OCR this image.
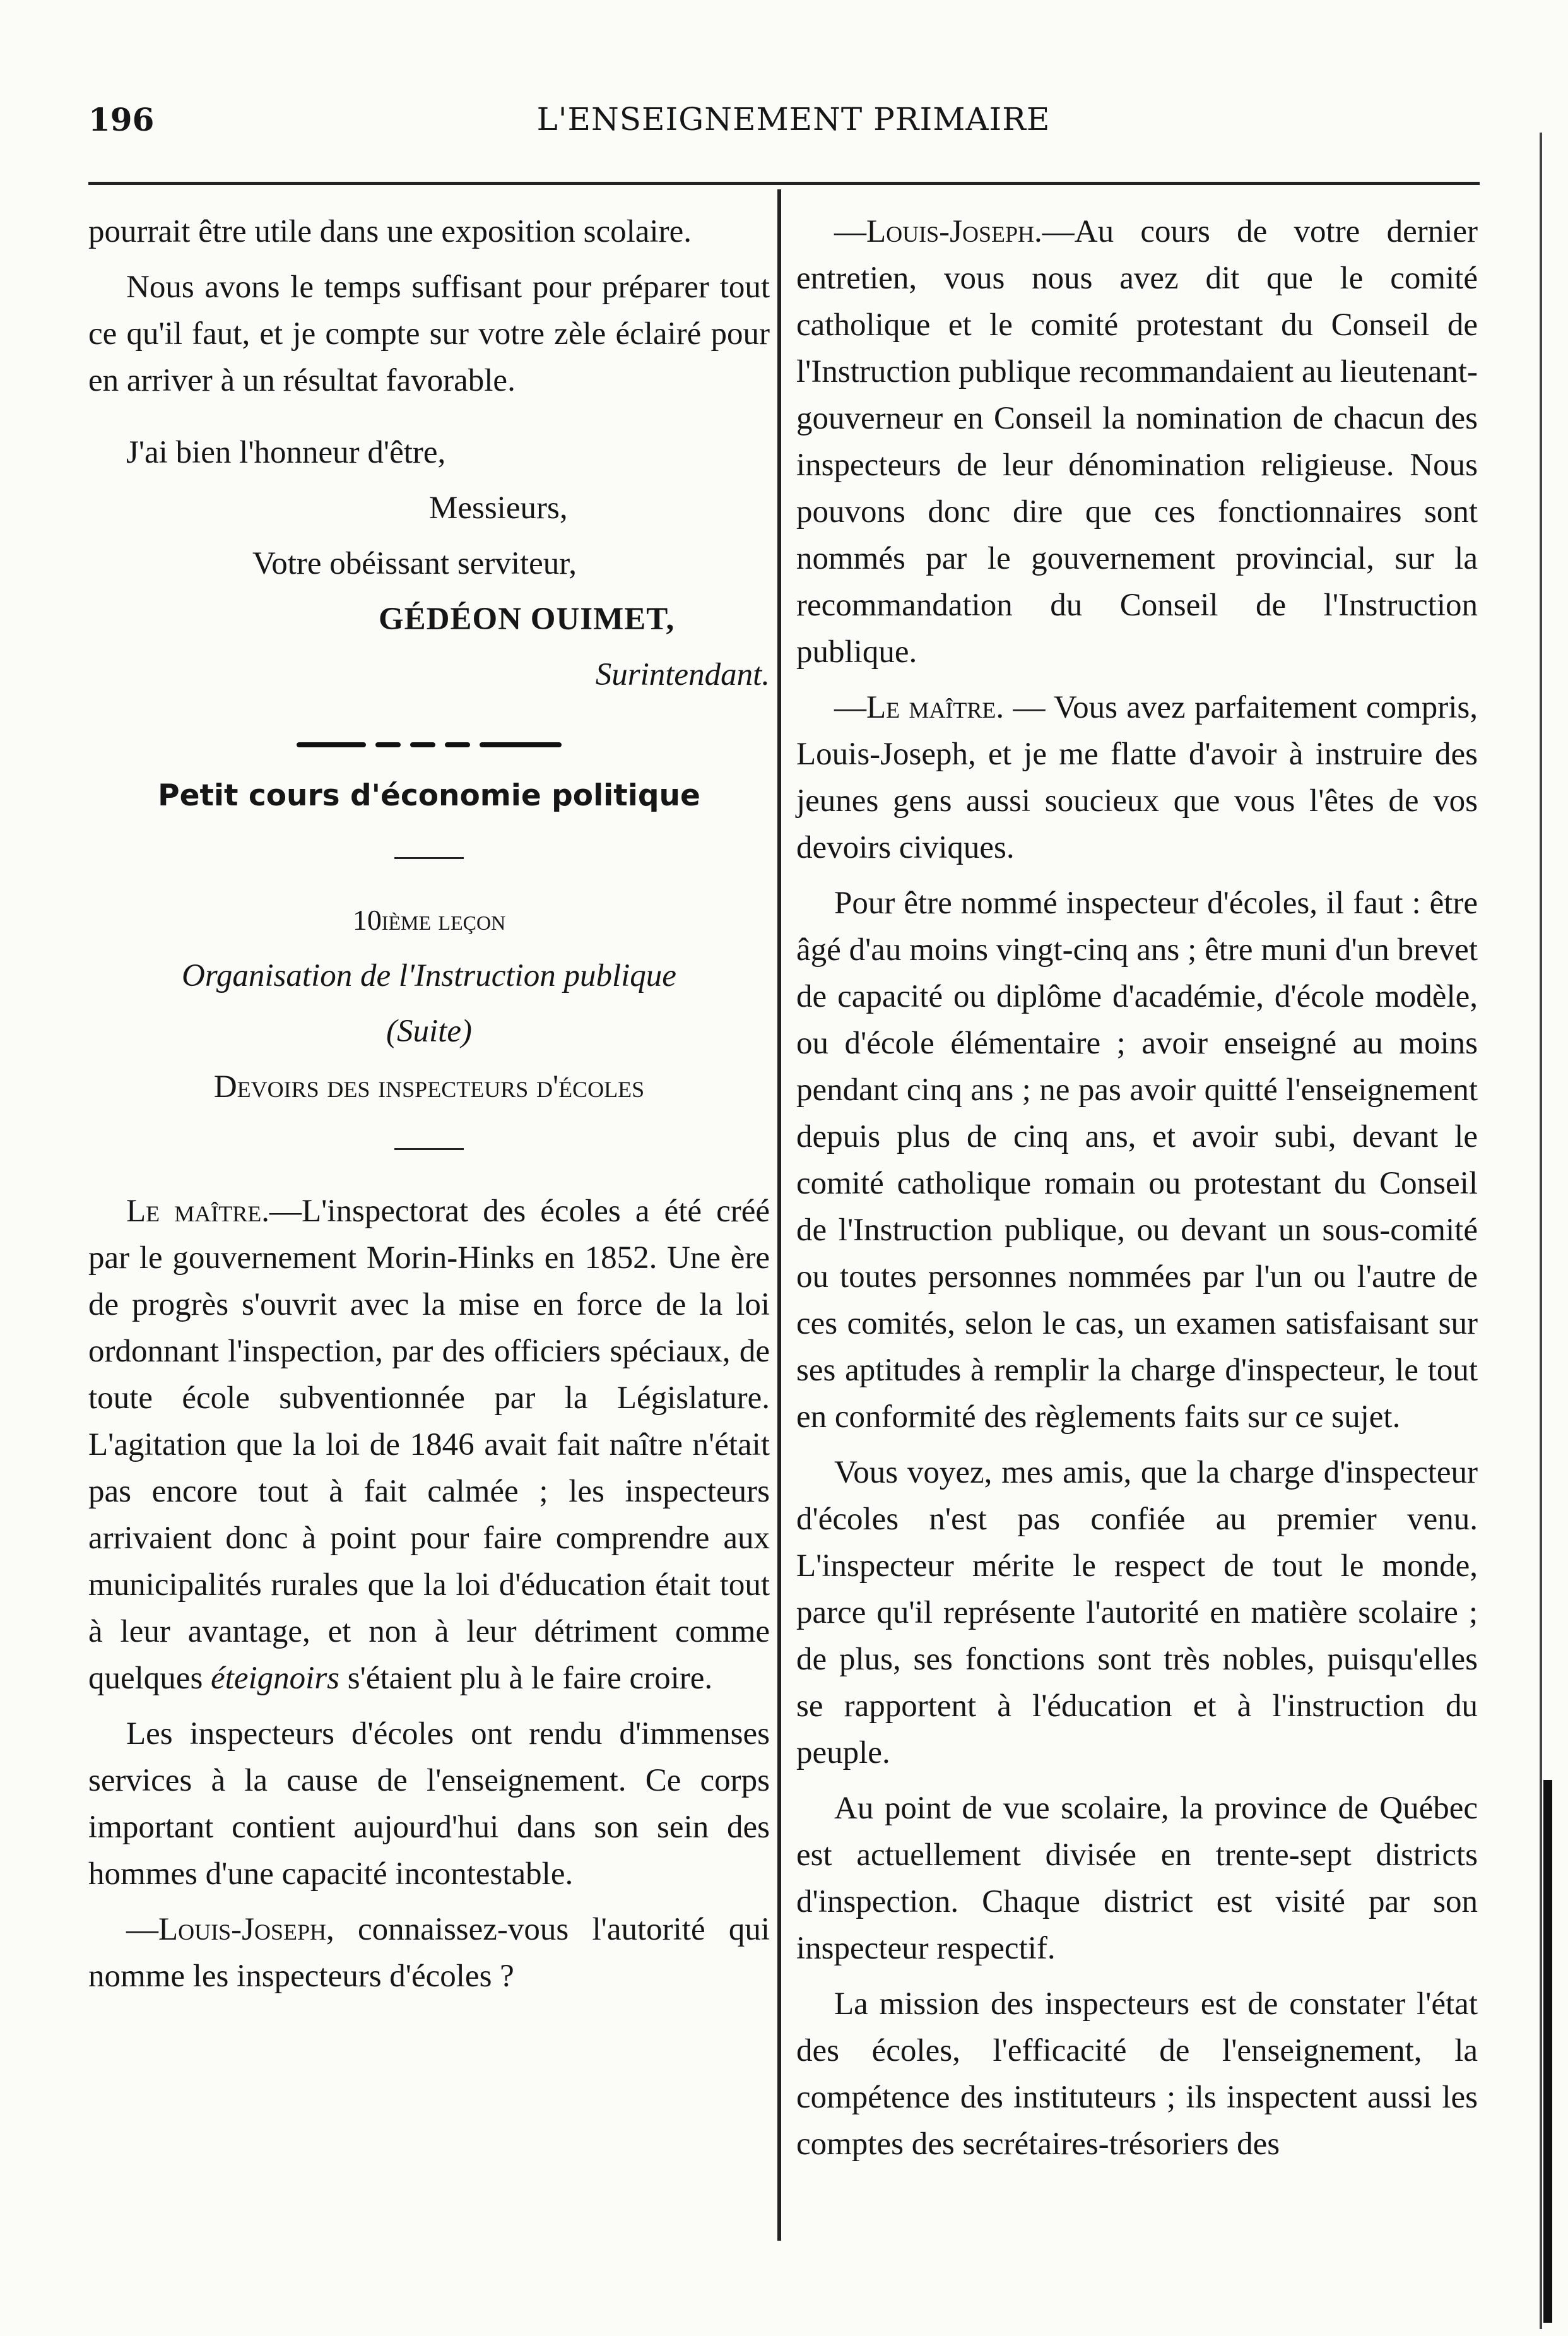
196	L'ENSEIGNEMENT PRIMAIRE

pourrait être utile dans une exposition scolaire.

Nous avons le temps suffisant pour préparer tout ce qu'il faut, et je compte sur votre zèle éclairé pour en arriver à un résultat favorable.

J'ai bien l'honneur d'être,

Messieurs,

Votre obéissant serviteur,

GÉDÉON OUIMET,

Surintendant.

Petit cours d'économie politique

10ième leçon

Organisation de l'Instruction publique

(Suite)

Devoirs des inspecteurs d'écoles

Le maître.—L'inspectorat des écoles a été créé par le gouvernement Morin-Hinks en 1852. Une ère de progrès s'ouvrit avec la mise en force de la loi ordonnant l'inspection, par des officiers spéciaux, de toute école subventionnée par la Législature. L'agitation que la loi de 1846 avait fait naître n'était pas encore tout à fait calmée ; les inspecteurs arrivaient donc à point pour faire comprendre aux municipalités rurales que la loi d'éducation était tout à leur avantage, et non à leur détriment comme quelques éteignoirs s'étaient plu à le faire croire.

Les inspecteurs d'écoles ont rendu d'immenses services à la cause de l'enseignement. Ce corps important contient aujourd'hui dans son sein des hommes d'une capacité incontestable.

—Louis-Joseph, connaissez-vous l'autorité qui nomme les inspecteurs d'écoles ?

—Louis-Joseph.—Au cours de votre dernier entretien, vous nous avez dit que le comité catholique et le comité protestant du Conseil de l'Instruction publique recommandaient au lieutenant-gouverneur en Conseil la nomination de chacun des inspecteurs de leur dénomination religieuse. Nous pouvons donc dire que ces fonctionnaires sont nommés par le gouvernement provincial, sur la recommandation du Conseil de l'Instruction publique.

—Le maître. — Vous avez parfaitement compris, Louis-Joseph, et je me flatte d'avoir à instruire des jeunes gens aussi soucieux que vous l'êtes de vos devoirs civiques.

Pour être nommé inspecteur d'écoles, il faut : être âgé d'au moins vingt-cinq ans ; être muni d'un brevet de capacité ou diplôme d'académie, d'école modèle, ou d'école élémentaire ; avoir enseigné au moins pendant cinq ans ; ne pas avoir quitté l'enseignement depuis plus de cinq ans, et avoir subi, devant le comité catholique romain ou protestant du Conseil de l'Instruction publique, ou devant un sous-comité ou toutes personnes nommées par l'un ou l'autre de ces comités, selon le cas, un examen satisfaisant sur ses aptitudes à remplir la charge d'inspecteur, le tout en conformité des règlements faits sur ce sujet.

Vous voyez, mes amis, que la charge d'inspecteur d'écoles n'est pas confiée au premier venu. L'inspecteur mérite le respect de tout le monde, parce qu'il représente l'autorité en matière scolaire ; de plus, ses fonctions sont très nobles, puisqu'elles se rapportent à l'éducation et à l'instruction du peuple.

Au point de vue scolaire, la province de Québec est actuellement divisée en trente-sept districts d'inspection. Chaque district est visité par son inspecteur respectif.

La mission des inspecteurs est de constater l'état des écoles, l'efficacité de l'enseignement, la compétence des instituteurs ; ils inspectent aussi les comptes des secrétaires-trésoriers des
